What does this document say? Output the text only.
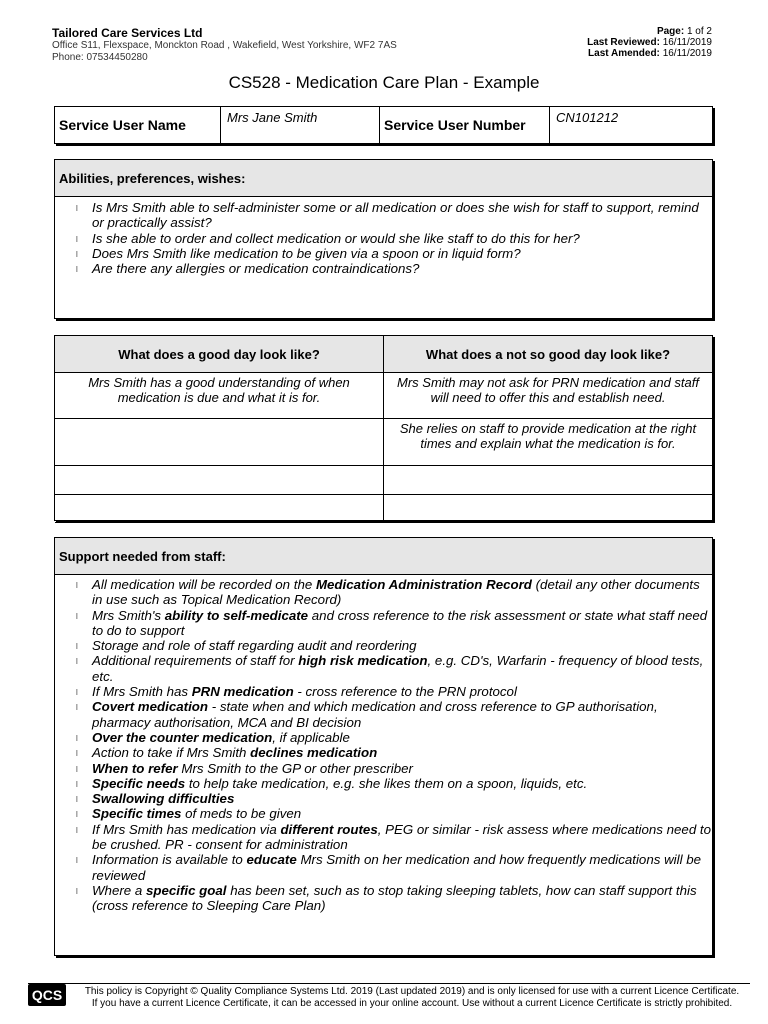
Tailored Care Services Ltd
Office S11, Flexspace, Monckton Road , Wakefield, West Yorkshire, WF2 7AS
Phone: 07534450280
Page: 1 of 2
Last Reviewed: 16/11/2019
Last Amended: 16/11/2019
CS528 - Medication Care Plan - Example
Service User Name	Mrs Jane Smith	Service User Number	CN101212
Abilities, preferences, wishes:
l Is Mrs Smith able to self-administer some or all medication or does she wish for staff to support, remind or practically assist?
l Is she able to order and collect medication or would she like staff to do this for her?
l Does Mrs Smith like medication to be given via a spoon or in liquid form?
l Are there any allergies or medication contraindications?
What does a good day look like?	What does a not so good day look like?
Mrs Smith has a good understanding of when medication is due and what it is for.	Mrs Smith may not ask for PRN medication and staff will need to offer this and establish need.
	She relies on staff to provide medication at the right times and explain what the medication is for.

Support needed from staff:
l All medication will be recorded on the Medication Administration Record (detail any other documents in use such as Topical Medication Record)
l Mrs Smith's ability to self-medicate and cross reference to the risk assessment or state what staff need to do to support
l Storage and role of staff regarding audit and reordering
l Additional requirements of staff for high risk medication, e.g. CD's, Warfarin - frequency of blood tests, etc.
l If Mrs Smith has PRN medication - cross reference to the PRN protocol
l Covert medication - state when and which medication and cross reference to GP authorisation, pharmacy authorisation, MCA and BI decision
l Over the counter medication, if applicable
l Action to take if Mrs Smith declines medication
l When to refer Mrs Smith to the GP or other prescriber
l Specific needs to help take medication, e.g. she likes them on a spoon, liquids, etc.
l Swallowing difficulties
l Specific times of meds to be given
l If Mrs Smith has medication via different routes, PEG or similar - risk assess where medications need to be crushed. PR - consent for administration
l Information is available to educate Mrs Smith on her medication and how frequently medications will be reviewed
l Where a specific goal has been set, such as to stop taking sleeping tablets, how can staff support this (cross reference to Sleeping Care Plan)
QCS	This policy is Copyright © Quality Compliance Systems Ltd. 2019 (Last updated 2019) and is only licensed for use with a current Licence Certificate.
If you have a current Licence Certificate, it can be accessed in your online account. Use without a current Licence Certificate is strictly prohibited.
